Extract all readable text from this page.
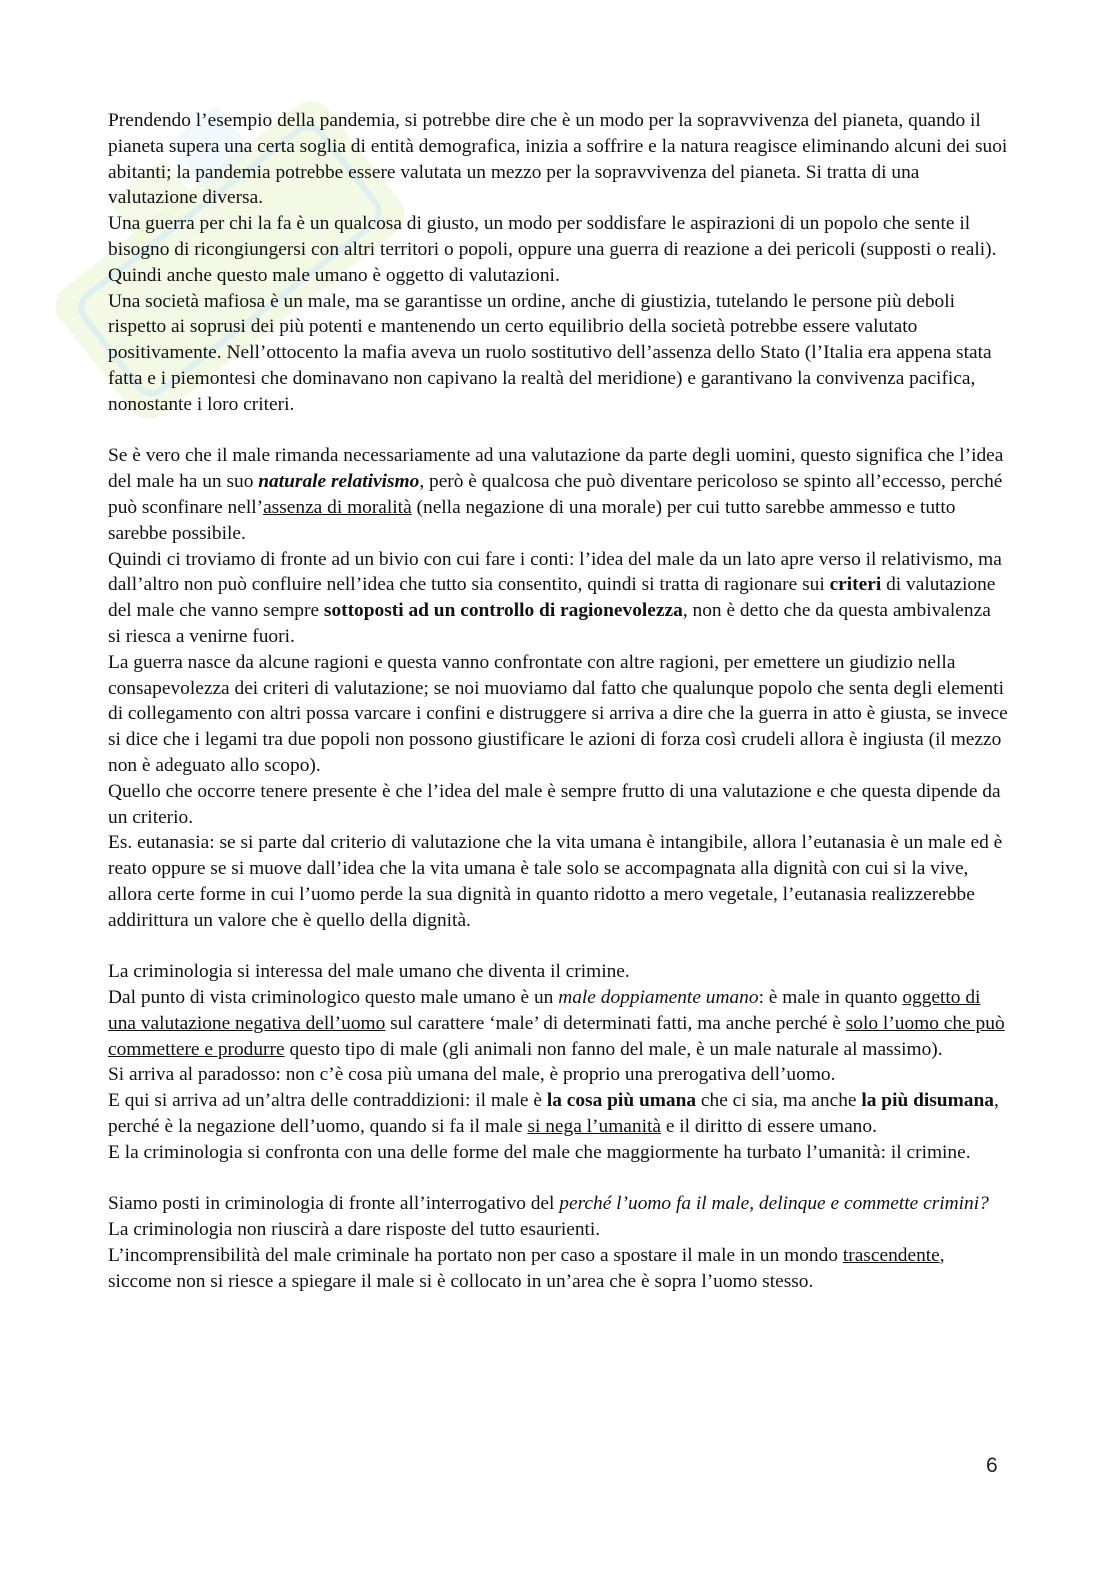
Prendendo l’esempio della pandemia, si potrebbe dire che è un modo per la sopravvivenza del pianeta, quando il pianeta supera una certa soglia di entità demografica, inizia a soffrire e la natura reagisce eliminando alcuni dei suoi abitanti; la pandemia potrebbe essere valutata un mezzo per la sopravvivenza del pianeta. Si tratta di una valutazione diversa.

Una guerra per chi la fa è un qualcosa di giusto, un modo per soddisfare le aspirazioni di un popolo che sente il bisogno di ricongiungersi con altri territori o popoli, oppure una guerra di reazione a dei pericoli (supposti o reali). Quindi anche questo male umano è oggetto di valutazioni.

Una società mafiosa è un male, ma se garantisse un ordine, anche di giustizia, tutelando le persone più deboli rispetto ai soprusi dei più potenti e mantenendo un certo equilibrio della società potrebbe essere valutato positivamente. Nell’ottocento la mafia aveva un ruolo sostitutivo dell’assenza dello Stato (l’Italia era appena stata fatta e i piemontesi che dominavano non capivano la realtà del meridione) e garantivano la convivenza pacifica, nonostante i loro criteri.

Se è vero che il male rimanda necessariamente ad una valutazione da parte degli uomini, questo significa che l’idea del male ha un suo naturale relativismo, però è qualcosa che può diventare pericoloso se spinto all’eccesso, perché può sconfinare nell’assenza di moralità (nella negazione di una morale) per cui tutto sarebbe ammesso e tutto sarebbe possibile.

Quindi ci troviamo di fronte ad un bivio con cui fare i conti: l’idea del male da un lato apre verso il relativismo, ma dall’altro non può confluire nell’idea che tutto sia consentito, quindi si tratta di ragionare sui criteri di valutazione del male che vanno sempre sottoposti ad un controllo di ragionevolezza, non è detto che da questa ambivalenza si riesca a venirne fuori.

La guerra nasce da alcune ragioni e questa vanno confrontate con altre ragioni, per emettere un giudizio nella consapevolezza dei criteri di valutazione; se noi muoviamo dal fatto che qualunque popolo che senta degli elementi di collegamento con altri possa varcare i confini e distruggere si arriva a dire che la guerra in atto è giusta, se invece si dice che i legami tra due popoli non possono giustificare le azioni di forza così crudeli allora è ingiusta (il mezzo non è adeguato allo scopo).

Quello che occorre tenere presente è che l’idea del male è sempre frutto di una valutazione e che questa dipende da un criterio.

Es. eutanasia: se si parte dal criterio di valutazione che la vita umana è intangibile, allora l’eutanasia è un male ed è reato oppure se si muove dall’idea che la vita umana è tale solo se accompagnata alla dignità con cui si la vive, allora certe forme in cui l’uomo perde la sua dignità in quanto ridotto a mero vegetale, l’eutanasia realizzerebbe addirittura un valore che è quello della dignità.

La criminologia si interessa del male umano che diventa il crimine.

Dal punto di vista criminologico questo male umano è un male doppiamente umano: è male in quanto oggetto di una valutazione negativa dell’uomo sul carattere ‘male’ di determinati fatti, ma anche perché è solo l’uomo che può commettere e produrre questo tipo di male (gli animali non fanno del male, è un male naturale al massimo).

Si arriva al paradosso: non c’è cosa più umana del male, è proprio una prerogativa dell’uomo.

E qui si arriva ad un’altra delle contraddizioni: il male è la cosa più umana che ci sia, ma anche la più disumana, perché è la negazione dell’uomo, quando si fa il male si nega l’umanità e il diritto di essere umano.

E la criminologia si confronta con una delle forme del male che maggiormente ha turbato l’umanità: il crimine.

Siamo posti in criminologia di fronte all’interrogativo del perché l’uomo fa il male, delinque e commette crimini?

La criminologia non riuscirà a dare risposte del tutto esaurienti.

L’incomprensibilità del male criminale ha portato non per caso a spostare il male in un mondo trascendente, siccome non si riesce a spiegare il male si è collocato in un’area che è sopra l’uomo stesso.

6
